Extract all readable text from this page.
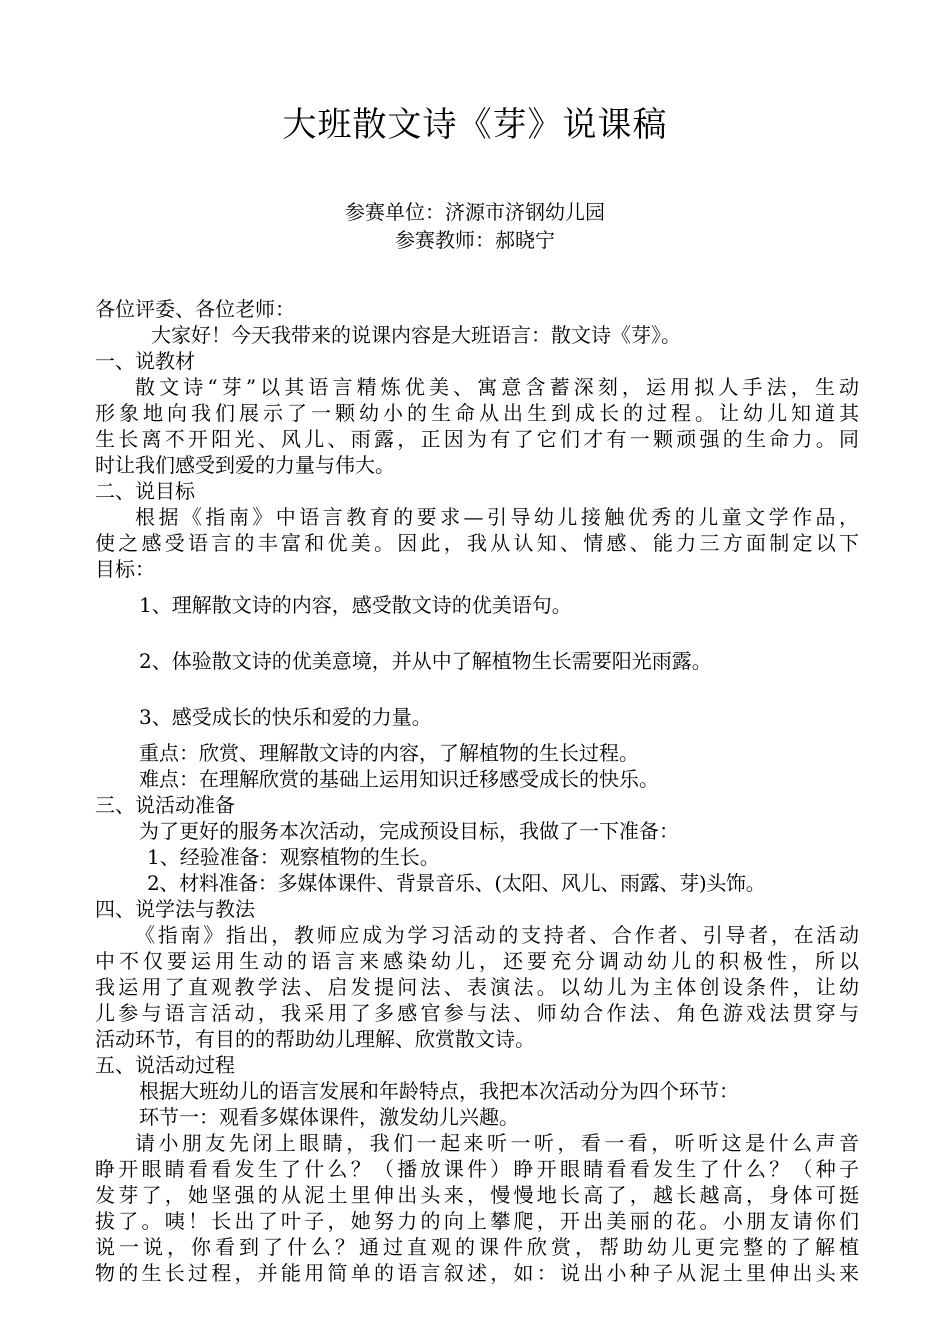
大班散文诗《芽》说课稿
参赛单位：济源市济钢幼儿园
参赛教师：郝晓宁

各位评委、各位老师：

大家好！今天我带来的说课内容是大班语言：散文诗《芽》。

一、说教材

散文诗“芽”以其语言精炼优美、寓意含蓄深刻，运用拟人手法，生动

形象地向我们展示了一颗幼小的生命从出生到成长的过程。让幼儿知道其

生长离不开阳光、风儿、雨露，正因为有了它们才有一颗顽强的生命力。同

时让我们感受到爱的力量与伟大。

二、说目标

根据《指南》中语言教育的要求—引导幼儿接触优秀的儿童文学作品，

使之感受语言的丰富和优美。因此，我从认知、情感、能力三方面制定以下

目标：

1、理解散文诗的内容，感受散文诗的优美语句。

2、体验散文诗的优美意境，并从中了解植物生长需要阳光雨露。

3、感受成长的快乐和爱的力量。

重点：欣赏、理解散文诗的内容，了解植物的生长过程。

难点：在理解欣赏的基础上运用知识迁移感受成长的快乐。

三、说活动准备

为了更好的服务本次活动，完成预设目标，我做了一下准备：

1、经验准备：观察植物的生长。

2、材料准备：多媒体课件、背景音乐、(太阳、风儿、雨露、芽)头饰。

四、说学法与教法

《指南》指出，教师应成为学习活动的支持者、合作者、引导者，在活动

中不仅要运用生动的语言来感染幼儿，还要充分调动幼儿的积极性，所以

我运用了直观教学法、启发提问法、表演法。以幼儿为主体创设条件，让幼

儿参与语言活动，我采用了多感官参与法、师幼合作法、角色游戏法贯穿与

活动环节，有目的的帮助幼儿理解、欣赏散文诗。

五、说活动过程

根据大班幼儿的语言发展和年龄特点，我把本次活动分为四个环节：

环节一：观看多媒体课件，激发幼儿兴趣。

请小朋友先闭上眼睛，我们一起来听一听，看一看，听听这是什么声音

睁开眼睛看看发生了什么？（播放课件）睁开眼睛看看发生了什么？（种子

发芽了，她坚强的从泥土里伸出头来，慢慢地长高了，越长越高，身体可挺

拔了。咦！长出了叶子，她努力的向上攀爬，开出美丽的花。小朋友请你们

说一说，你看到了什么？通过直观的课件欣赏，帮助幼儿更完整的了解植

物的生长过程，并能用简单的语言叙述，如：说出小种子从泥土里伸出头来
